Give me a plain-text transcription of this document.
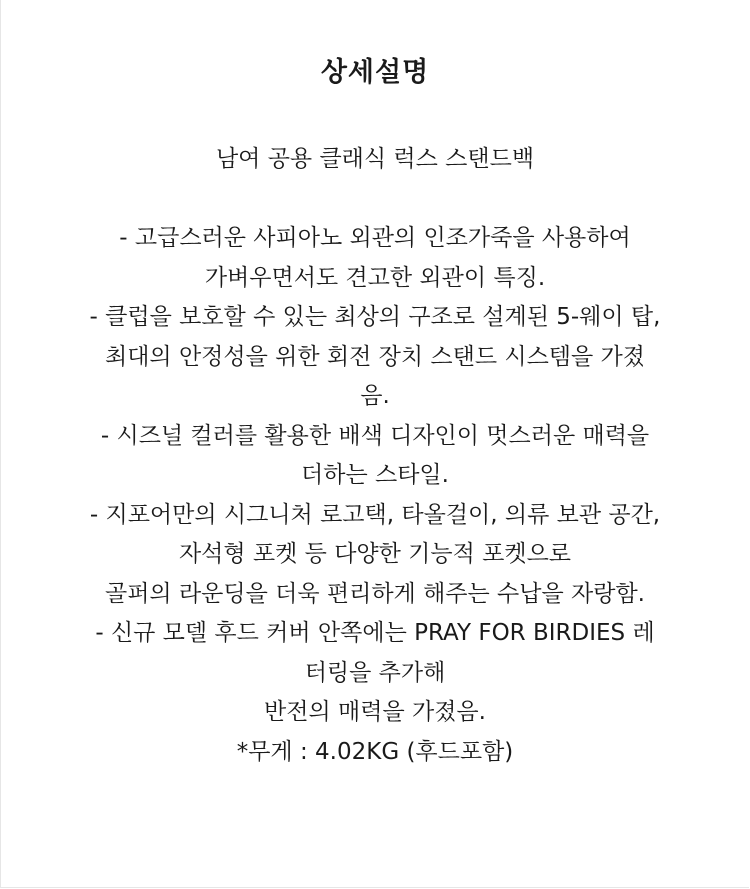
상세설명
남여 공용 클래식 럭스 스탠드백
- 고급스러운 사피아노 외관의 인조가죽을 사용하여
가벼우면서도 견고한 외관이 특징.
- 클럽을 보호할 수 있는 최상의 구조로 설계된 5-웨이 탑,
최대의 안정성을 위한 회전 장치 스탠드 시스템을 가졌
음.
- 시즈널 컬러를 활용한 배색 디자인이 멋스러운 매력을
더하는 스타일.
- 지포어만의 시그니처 로고택, 타올걸이, 의류 보관 공간,
자석형 포켓 등 다양한 기능적 포켓으로
골퍼의 라운딩을 더욱 편리하게 해주는 수납을 자랑함.
- 신규 모델 후드 커버 안쪽에는 PRAY FOR BIRDIES 레
터링을 추가해
반전의 매력을 가졌음.
*무게 : 4.02KG (후드포함)
